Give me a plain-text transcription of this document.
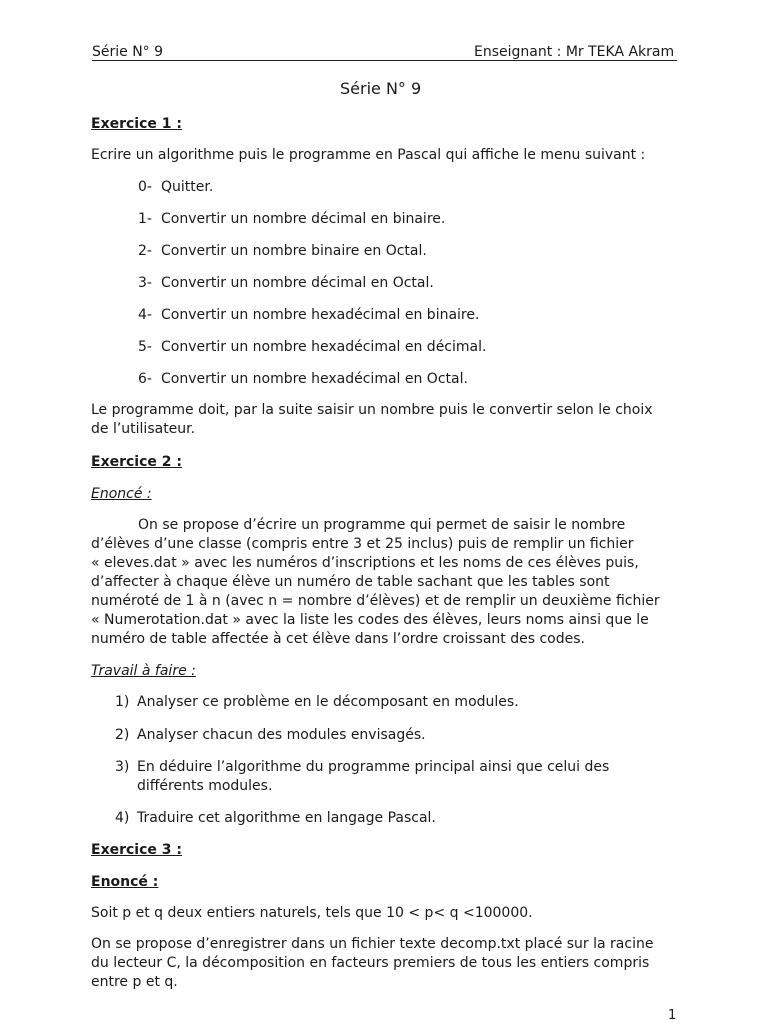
Série N° 9	Enseignant : Mr TEKA Akram

Série N° 9

Exercice 1 :

Ecrire un algorithme puis le programme en Pascal qui affiche le menu suivant :

0- Quitter.

1- Convertir un nombre décimal en binaire.

2- Convertir un nombre binaire en Octal.

3- Convertir un nombre décimal en Octal.

4- Convertir un nombre hexadécimal en binaire.

5- Convertir un nombre hexadécimal en décimal.

6- Convertir un nombre hexadécimal en Octal.

Le programme doit, par la suite saisir un nombre puis le convertir selon le choix

de l’utilisateur.

Exercice 2 :

Enoncé :

On se propose d’écrire un programme qui permet de saisir le nombre

d’élèves d’une classe (compris entre 3 et 25 inclus) puis de remplir un fichier

« eleves.dat » avec les numéros d’inscriptions et les noms de ces élèves puis,

d’affecter à chaque élève un numéro de table sachant que les tables sont

numéroté de 1 à n (avec n = nombre d’élèves) et de remplir un deuxième fichier

« Numerotation.dat » avec la liste les codes des élèves, leurs noms ainsi que le

numéro de table affectée à cet élève dans l’ordre croissant des codes.

Travail à faire :

1) Analyser ce problème en le décomposant en modules.

2) Analyser chacun des modules envisagés.

3) En déduire l’algorithme du programme principal ainsi que celui des

différents modules.

4) Traduire cet algorithme en langage Pascal.

Exercice 3 :

Enoncé :

Soit p et q deux entiers naturels, tels que 10 < p< q <100000.

On se propose d’enregistrer dans un fichier texte decomp.txt placé sur la racine

du lecteur C, la décomposition en facteurs premiers de tous les entiers compris

entre p et q.

1
